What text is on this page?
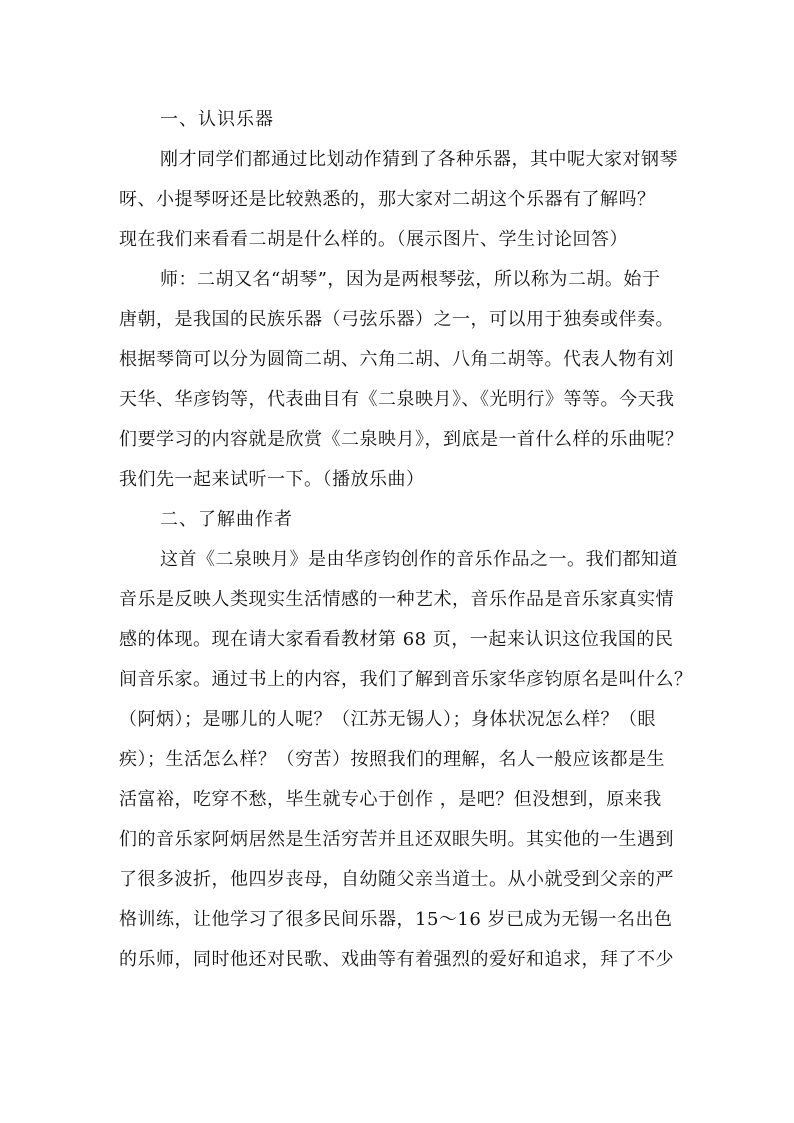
一、认识乐器
刚才同学们都通过比划动作猜到了各种乐器，其中呢大家对钢琴
呀、小提琴呀还是比较熟悉的，那大家对二胡这个乐器有了解吗？
现在我们来看看二胡是什么样的。（展示图片、学生讨论回答）
师：二胡又名“胡琴”，因为是两根琴弦，所以称为二胡。始于
唐朝，是我国的民族乐器（弓弦乐器）之一，可以用于独奏或伴奏。
根据琴筒可以分为圆筒二胡、六角二胡、八角二胡等。代表人物有刘
天华、华彦钧等，代表曲目有《二泉映月》、《光明行》等等。今天我
们要学习的内容就是欣赏《二泉映月》，到底是一首什么样的乐曲呢？
我们先一起来试听一下。（播放乐曲）
二、了解曲作者
这首《二泉映月》是由华彦钧创作的音乐作品之一。我们都知道
音乐是反映人类现实生活情感的一种艺术，音乐作品是音乐家真实情
感的体现。现在请大家看看教材第 68 页，一起来认识这位我国的民
间音乐家。通过书上的内容，我们了解到音乐家华彦钧原名是叫什么？
（阿炳）；是哪儿的人呢？（江苏无锡人）；身体状况怎么样？（眼
疾）；生活怎么样？（穷苦）按照我们的理解，名人一般应该都是生
活富裕，吃穿不愁，毕生就专心于创作 ，是吧？但没想到，原来我
们的音乐家阿炳居然是生活穷苦并且还双眼失明。其实他的一生遇到
了很多波折，他四岁丧母，自幼随父亲当道士。从小就受到父亲的严
格训练，让他学习了很多民间乐器，15～16 岁已成为无锡一名出色
的乐师，同时他还对民歌、戏曲等有着强烈的爱好和追求，拜了不少
